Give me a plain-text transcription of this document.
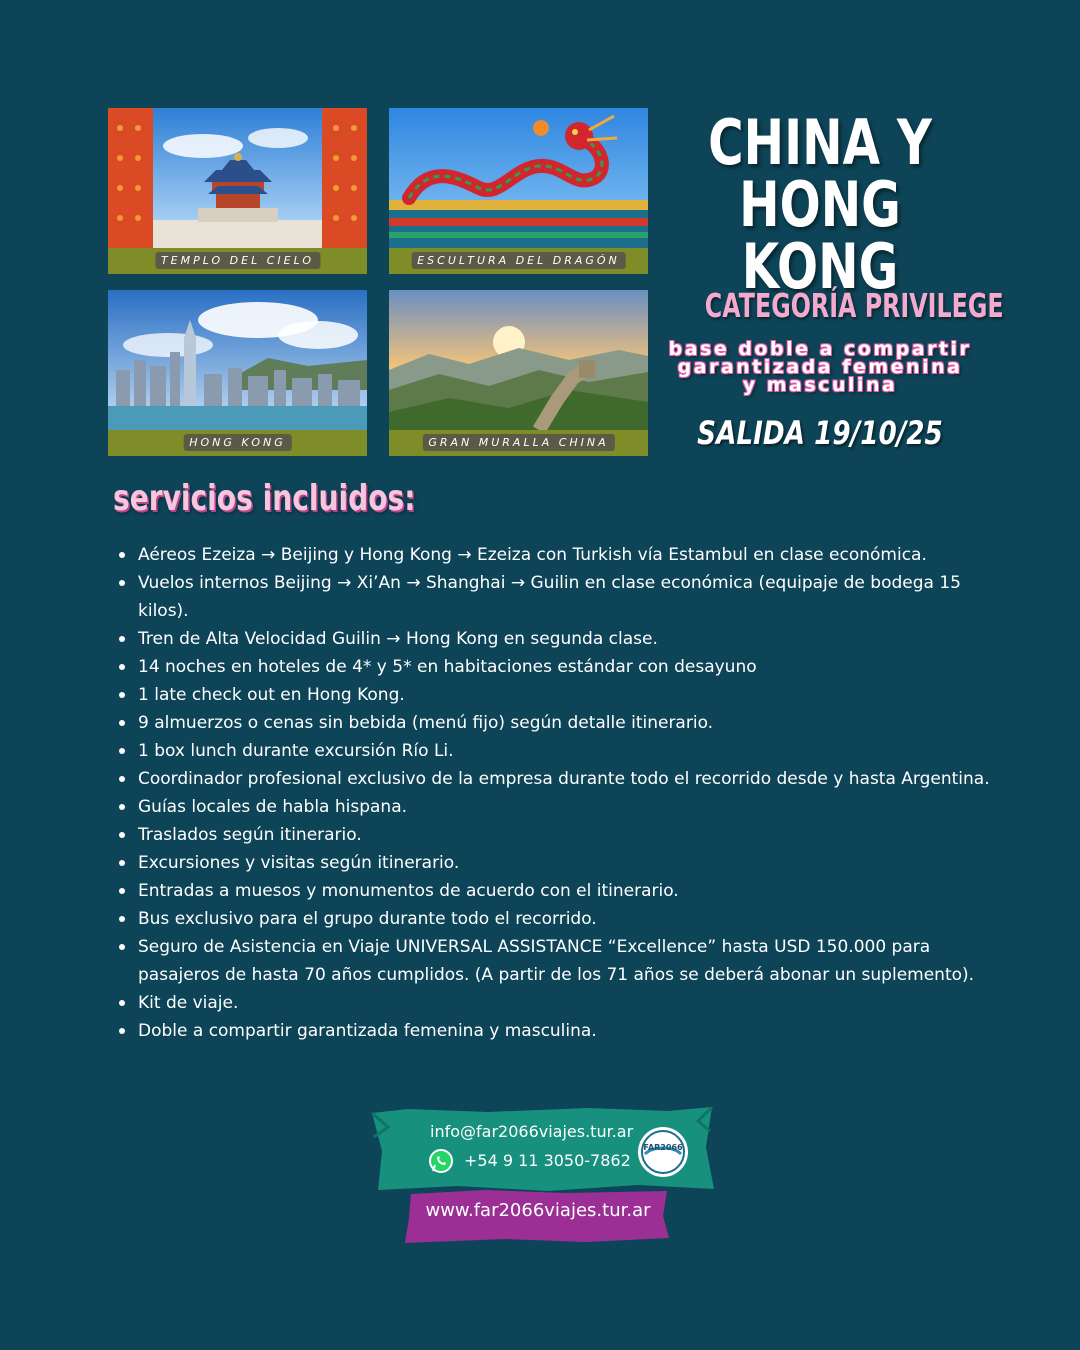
TEMPLO DEL CIELO	ESCULTURA DEL DRAGÓN
HONG KONG	GRAN MURALLA CHINA
CHINA Y
HONG KONG
CATEGORÍA PRIVILEGE
base doble a compartir
garantizada femenina
y masculina
SALIDA 19/10/25
servicios incluidos:
Aéreos Ezeiza → Beijing y Hong Kong → Ezeiza con Turkish vía Estambul en clase económica.
Vuelos internos Beijing → Xi’An → Shanghai → Guilin en clase económica (equipaje de bodega 15 kilos).
Tren de Alta Velocidad Guilin → Hong Kong en segunda clase.
14 noches en hoteles de 4* y 5* en habitaciones estándar con desayuno
1 late check out en Hong Kong.
9 almuerzos o cenas sin bebida (menú fijo) según detalle itinerario.
1 box lunch durante excursión Río Li.
Coordinador profesional exclusivo de la empresa durante todo el recorrido desde y hasta Argentina.
Guías locales de habla hispana.
Traslados según itinerario.
Excursiones y visitas según itinerario.
Entradas a muesos y monumentos de acuerdo con el itinerario.
Bus exclusivo para el grupo durante todo el recorrido.
Seguro de Asistencia en Viaje UNIVERSAL ASSISTANCE “Excellence” hasta USD 150.000 para pasajeros de hasta 70 años cumplidos. (A partir de los 71 años se deberá abonar un suplemento).
Kit de viaje.
Doble a compartir garantizada femenina y masculina.
info@far2066viajes.tur.ar
+54 9 11 3050-7862
FAR2066
www.far2066viajes.tur.ar
